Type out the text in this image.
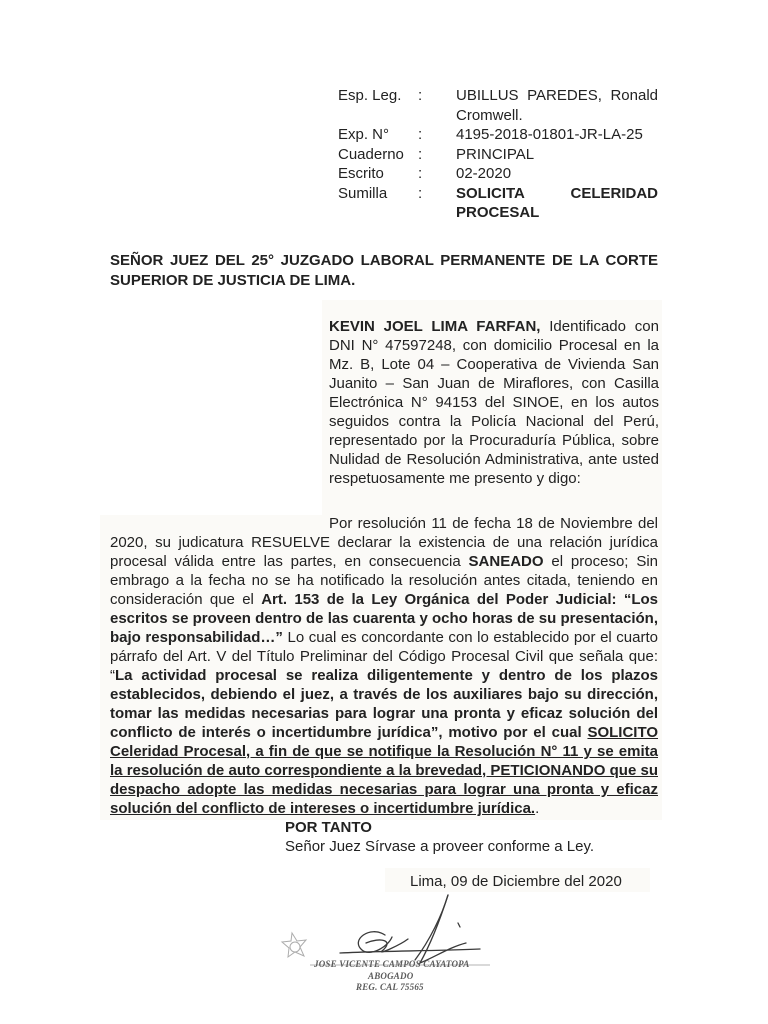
Esp. Leg.	:	UBILLUS PAREDES, Ronald
Cromwell.
Exp. N°	:	4195-2018-01801-JR-LA-25
Cuaderno :	PRINCIPAL
Escrito	:	02-2020
Sumilla	:	SOLICITA CELERIDAD
PROCESAL
SEÑOR JUEZ DEL 25° JUZGADO LABORAL PERMANENTE DE LA CORTE SUPERIOR DE JUSTICIA DE LIMA.
KEVIN JOEL LIMA FARFAN, Identificado con DNI N° 47597248, con domicilio Procesal en la Mz. B, Lote 04 – Cooperativa de Vivienda San Juanito – San Juan de Miraflores, con Casilla Electrónica N° 94153 del SINOE, en los autos seguidos contra la Policía Nacional del Perú, representado por la Procuraduría Pública, sobre Nulidad de Resolución Administrativa, ante usted respetuosamente me presento y digo:
Por resolución 11 de fecha 18 de Noviembre del 2020, su judicatura RESUELVE declarar la existencia de una relación jurídica procesal válida entre las partes, en consecuencia SANEADO el proceso; Sin embrago a la fecha no se ha notificado la resolución antes citada, teniendo en consideración que el Art. 153 de la Ley Orgánica del Poder Judicial: “Los escritos se proveen dentro de las cuarenta y ocho horas de su presentación, bajo responsabilidad…” Lo cual es concordante con lo establecido por el cuarto párrafo del Art. V del Título Preliminar del Código Procesal Civil que señala que: “La actividad procesal se realiza diligentemente y dentro de los plazos establecidos, debiendo el juez, a través de los auxiliares bajo su dirección, tomar las medidas necesarias para lograr una pronta y eficaz solución del conflicto de interés o incertidumbre jurídica”, motivo por el cual SOLICITO Celeridad Procesal, a fin de que se notifique la Resolución N° 11 y se emita la resolución de auto correspondiente a la brevedad, PETICIONANDO que su despacho adopte las medidas necesarias para lograr una pronta y eficaz solución del conflicto de intereses o incertidumbre jurídica..
POR TANTO
Señor Juez Sírvase a proveer conforme a Ley.
Lima, 09 de Diciembre del 2020
JOSE VICENTE CAMPOS CAYATOPA
ABOGADO
REG. CAL 75565
